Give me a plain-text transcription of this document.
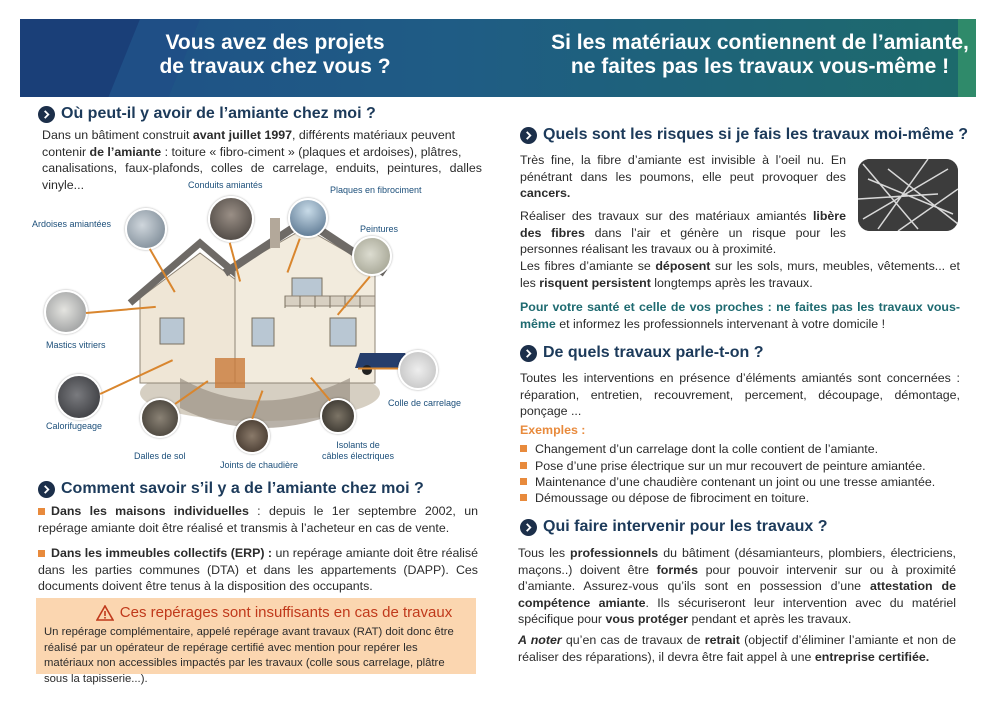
Vous avez des projets
de travaux chez vous ?
Si les matériaux contiennent de l’amiante,
ne faites pas les travaux vous-même !
Où peut-il y avoir de l’amiante chez moi ?
Dans un bâtiment construit avant juillet 1997, différents matériaux peuvent
contenir de l’amiante : toiture « fibro-ciment » (plaques et ardoises), plâtres,
canalisations, faux-plafonds, colles de carrelage, enduits, peintures, dalles vinyle...	Conduits amiantés	Plaques en fibrociment
Ardoises amiantées	Peintures
Mastics vitriers
Colle de carrelage
Calorifugeage
Dalles de sol
Joints de chaudière
Isolants de
câbles électriques
Comment savoir s’il y a de l’amiante chez moi ?
Dans les maisons individuelles : depuis le 1er septembre 2002, un repérage amiante doit être réalisé et transmis à l’acheteur en cas de vente.
Dans les immeubles collectifs (ERP) : un repérage amiante doit être réalisé dans les parties communes (DTA) et dans les appartements (DAPP). Ces documents doivent être tenus à la disposition des occupants.
Ces repérages sont insuffisants en cas de travaux
Un repérage complémentaire, appelé repérage avant travaux (RAT) doit donc être réalisé par un opérateur de repérage certifié avec mention pour repérer les matériaux non accessibles impactés par les travaux (colle sous carrelage, plâtre sous la tapisserie...).
Quels sont les risques si je fais les travaux moi-même ?
Très fine, la fibre d’amiante est invisible à l’oeil nu. En pénétrant dans les poumons, elle peut provoquer des cancers.
Réaliser des travaux sur des matériaux amiantés libère des fibres dans l’air et génère un risque pour les personnes réalisant les travaux ou à proximité.
Les fibres d’amiante se déposent sur les sols, murs, meubles, vêtements... et les risquent persistent longtemps après les travaux.
Pour votre santé et celle de vos proches : ne faites pas les travaux vous-même et informez les professionnels intervenant à votre domicile !
De quels travaux parle-t-on ?
Toutes les interventions en présence d’éléments amiantés sont concernées : réparation, entretien, recouvrement, percement, découpage, démontage, ponçage ...
Exemples :
Changement d’un carrelage dont la colle contient de l’amiante.
Pose d’une prise électrique sur un mur recouvert de peinture amiantée.
Maintenance d’une chaudière contenant un joint ou une tresse amiantée.
Démoussage ou dépose de fibrociment en toiture.
Qui faire intervenir pour les travaux ?
Tous les professionnels du bâtiment (désamianteurs, plombiers, électriciens, maçons..) doivent être formés pour pouvoir intervenir sur ou à proximité d’amiante. Assurez-vous qu’ils sont en possession d’une attestation de compétence amiante. Ils sécuriseront leur intervention avec du matériel spécifique pour vous protéger pendant et après les travaux.
A noter qu’en cas de travaux de retrait (objectif d’éliminer l’amiante et non de réaliser des réparations), il devra être fait appel à une entreprise certifiée.
